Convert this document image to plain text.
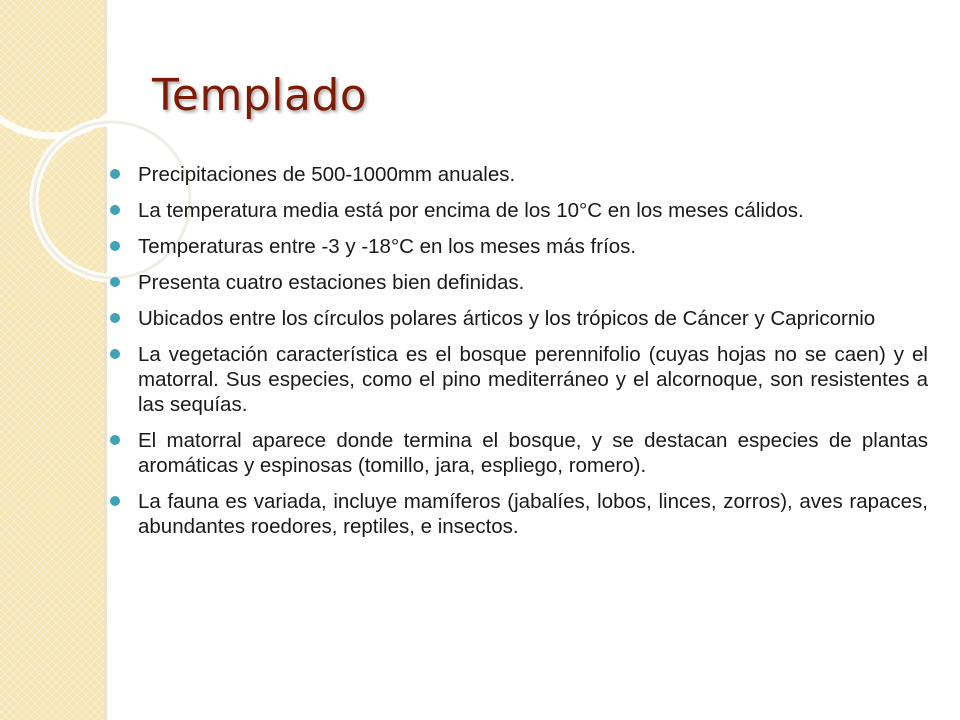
Templado
Precipitaciones de 500-1000mm anuales.
La temperatura media está por encima de los 10°C en los meses cálidos.
Temperaturas entre -3 y -18°C en los meses más fríos.
Presenta cuatro estaciones bien definidas.
Ubicados entre los círculos polares árticos y los trópicos de Cáncer y Capricornio
La vegetación característica es el bosque perennifolio (cuyas hojas no se caen) y el matorral. Sus especies, como el pino mediterráneo y el alcornoque, son resistentes a las sequías.
El matorral aparece donde termina el bosque, y se destacan especies de plantas aromáticas y espinosas (tomillo, jara, espliego, romero).
La fauna es variada, incluye mamíferos (jabalíes, lobos, linces, zorros), aves rapaces, abundantes roedores, reptiles, e insectos.
